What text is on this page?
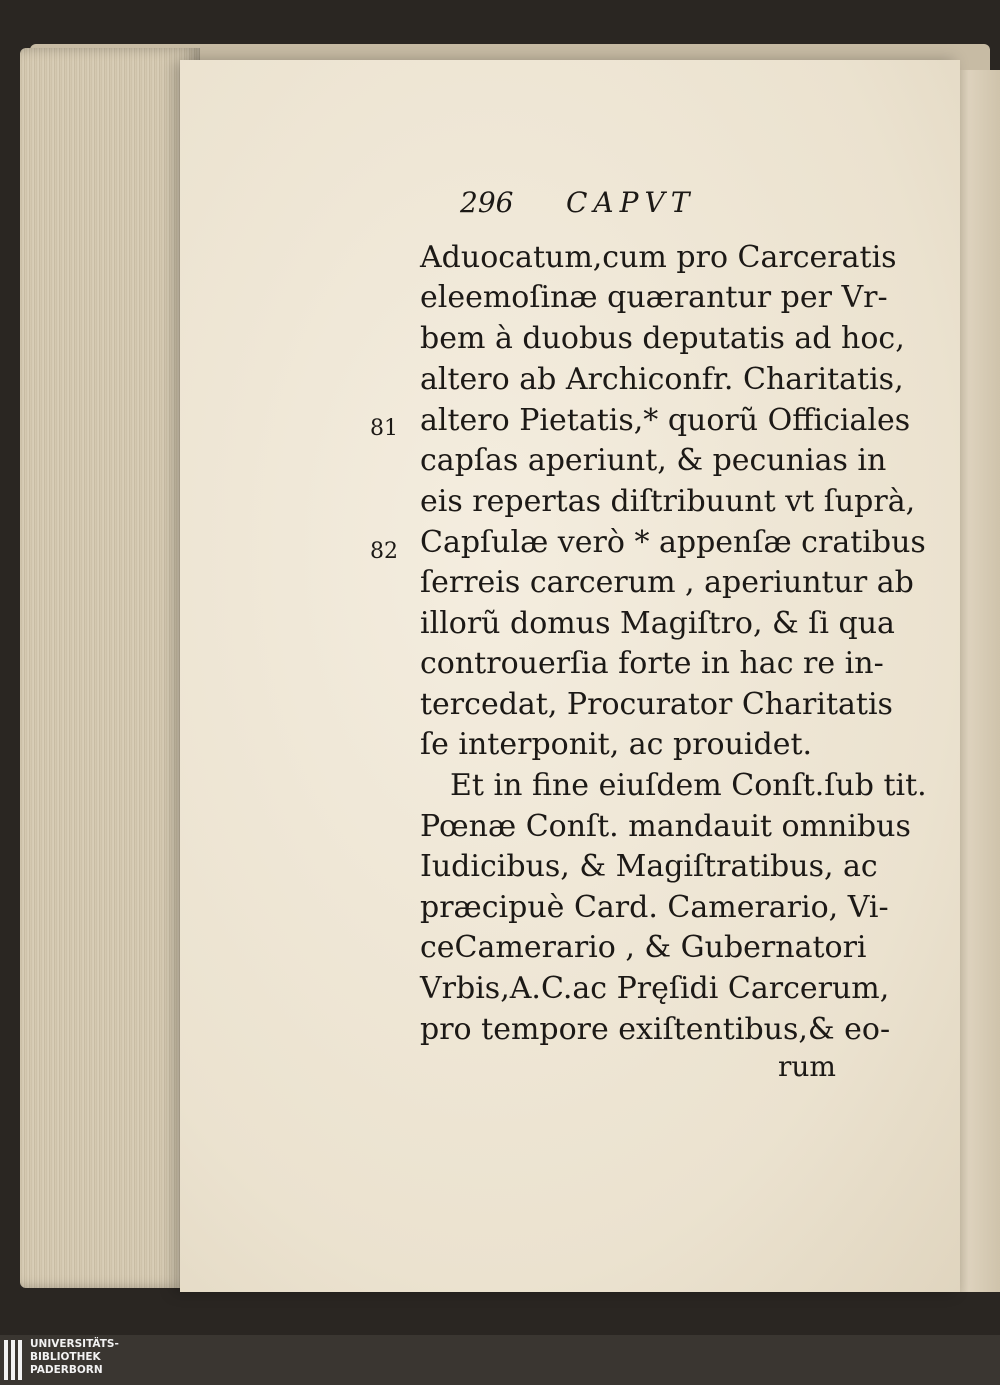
296 CAPVT
81
82
Aduocatum,cum pro Carceratis
eleemoſinæ quærantur per Vr-
bem à duobus deputatis ad hoc,
altero ab Archiconfr. Charitatis,
altero Pietatis,* quorũ Officiales
capſas aperiunt, & pecunias in
eis repertas diſtribuunt vt ſuprà,
Capſulæ verò * appenſæ cratibus
ſerreis carcerum , aperiuntur ab
illorũ domus Magiſtro, & ſi qua
controuerſia forte in hac re in-
tercedat, Procurator Charitatis
ſe interponit, ac prouidet.
Et in fine eiuſdem Conſt.ſub tit.
Pœnæ Conſt. mandauit omnibus
Iudicibus, & Magiſtratibus, ac
præcipuè Card. Camerario, Vi-
ceCamerario , & Gubernatori
Vrbis,A.C.ac Pręſidi Carcerum,
pro tempore exiſtentibus,& eo-
rum
UNIVERSITÄTS-
BIBLIOTHEK
PADERBORN
